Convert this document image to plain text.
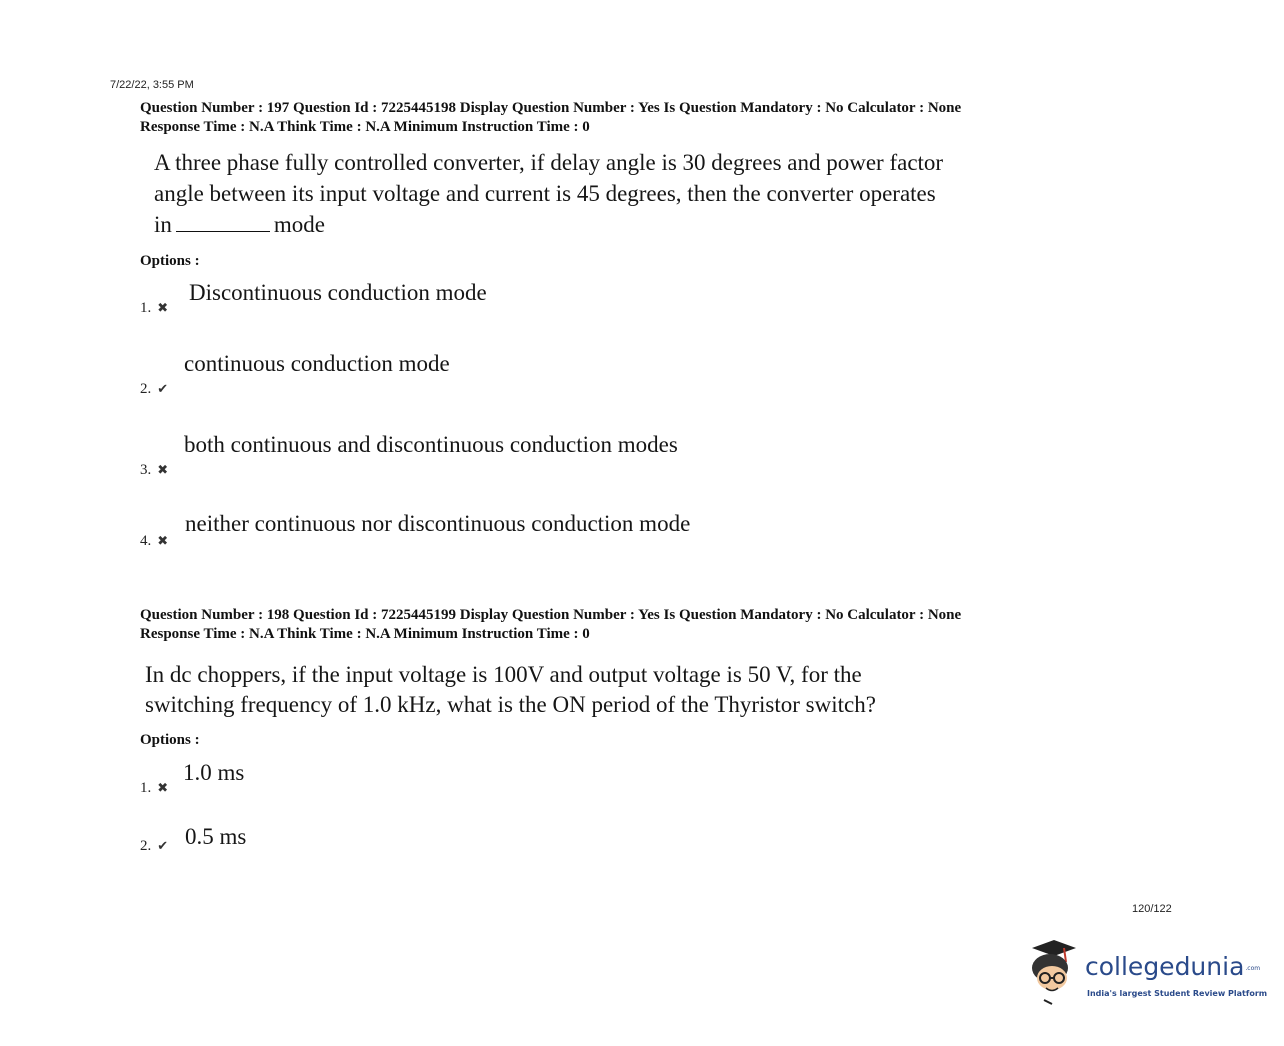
7/22/22, 3:55 PM
Question Number : 197 Question Id : 7225445198 Display Question Number : Yes Is Question Mandatory : No Calculator : None
Response Time : N.A Think Time : N.A Minimum Instruction Time : 0
A three phase fully controlled converter, if delay angle is 30 degrees and power factor
angle between its input voltage and current is 45 degrees, then the converter operates
in	mode
Options :
1. ✖
Discontinuous conduction mode
2. ✔
continuous conduction mode
3. ✖
both continuous and discontinuous conduction modes
4. ✖
neither continuous nor discontinuous conduction mode
Question Number : 198 Question Id : 7225445199 Display Question Number : Yes Is Question Mandatory : No Calculator : None
Response Time : N.A Think Time : N.A Minimum Instruction Time : 0
In dc choppers, if the input voltage is 100V and output voltage is 50 V, for the
switching frequency of 1.0 kHz, what is the ON period of the Thyristor switch?
Options :
1. ✖
1.0 ms
2. ✔ 0.5 ms
120/122
collegedunia.com
India's largest Student Review Platform
